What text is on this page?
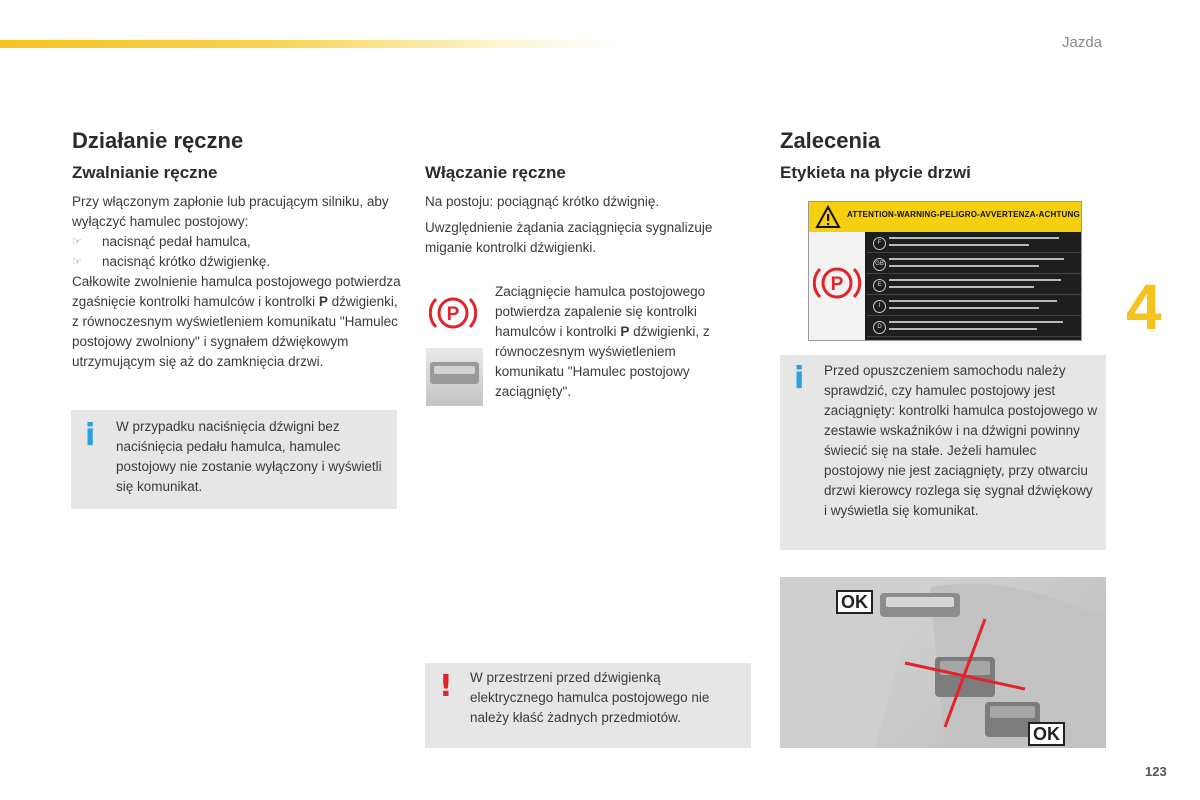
Jazda
4
123
Działanie ręczne
Zwalnianie ręczne

Przy włączonym zapłonie lub pracującym silniku, aby wyłączyć hamulec postojowy:

☞	nacisnąć pedał hamulca,
☞	nacisnąć krótko dźwigienkę.

Całkowite zwolnienie hamulca postojowego potwierdza zgaśnięcie kontrolki hamulców i kontrolki P dźwigienki, z równoczesnym wyświetleniem komunikatu "Hamulec postojowy zwolniony" i sygnałem dźwiękowym utrzymującym się aż do zamknięcia drzwi.

i W przypadku naciśnięcia dźwigni bez naciśnięcia pedału hamulca, hamulec postojowy nie zostanie wyłączony i wyświetli się komunikat.
Włączanie ręczne

Na postoju: pociągnąć krótko dźwignię.

Uwzględnienie żądania zaciągnięcia sygnalizuje miganie kontrolki dźwigienki.

P

Zaciągnięcie hamulca postojowego potwierdza zapalenie się kontrolki hamulców i kontrolki P dźwigienki, z równoczesnym wyświetleniem komunikatu "Hamulec postojowy zaciągnięty".

! W przestrzeni przed dźwigienką elektrycznego hamulca postojowego nie należy kłaść żadnych przedmiotów.
Zalecenia
Etykieta na płycie drzwi
ATTENTION-WARNING-PELIGRO-AVVERTENZA-ACHTUNG
P
F
GB
E
I
D
i Przed opuszczeniem samochodu należy sprawdzić, czy hamulec postojowy jest zaciągnięty: kontrolki hamulca postojowego w zestawie wskaźników i na dźwigni powinny świecić się na stałe. Jeżeli hamulec postojowy nie jest zaciągnięty, przy otwarciu drzwi kierowcy rozlega się sygnał dźwiękowy i wyświetla się komunikat.
OK
OK
